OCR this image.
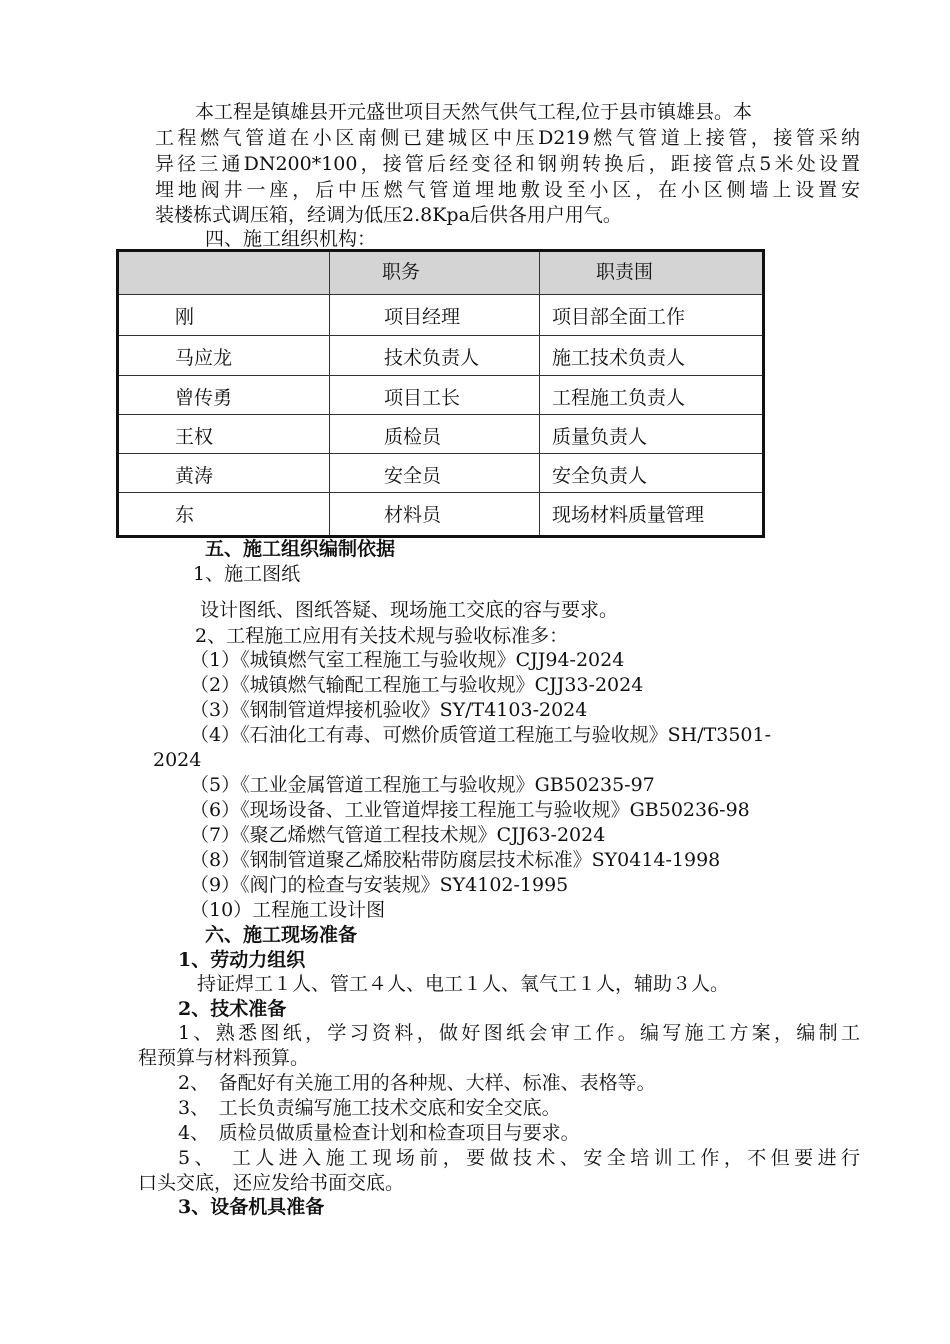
本工程是镇雄县开元盛世项目天然气供气工程,位于县市镇雄县。本
工程燃气管道在小区南侧已建城区中压D219燃气管道上接管，接管采纳
异径三通DN200*100，接管后经变径和钢朔转换后，距接管点5米处设置
埋地阀井一座，后中压燃气管道埋地敷设至小区，在小区侧墙上设置安
装楼栋式调压箱，经调为低压2.8Kpa后供各用户用气。
四、施工组织机构：

	职务	职责围

刚	项目经理	项目部全面工作

马应龙	技术负责人	施工技术负责人

曾传勇	项目工长	工程施工负责人

王权	质检员	质量负责人

黄涛	安全员	安全负责人

东	材料员	现场材料质量管理
五、施工组织编制依据
1、施工图纸
设计图纸、图纸答疑、现场施工交底的容与要求。
2、工程施工应用有关技术规与验收标准多：
（1）《城镇燃气室工程施工与验收规》CJJ94-2024
（2）《城镇燃气输配工程施工与验收规》CJJ33-2024
（3）《钢制管道焊接机验收》SY/T4103-2024
（4）《石油化工有毒、可燃价质管道工程施工与验收规》SH/T3501-
2024
（5）《工业金属管道工程施工与验收规》GB50235-97
（6）《现场设备、工业管道焊接工程施工与验收规》GB50236-98
（7）《聚乙烯燃气管道工程技术规》CJJ63-2024
（8）《钢制管道聚乙烯胶粘带防腐层技术标准》SY0414-1998
（9）《阀门的检查与安装规》SY4102-1995
（10）工程施工设计图
六、施工现场准备
1、劳动力组织
持证焊工１人、管工４人、电工１人、氧气工１人，辅助３人。
2、技术准备
1、熟悉图纸，学习资料，做好图纸会审工作。编写施工方案，编制工
程预算与材料预算。
2、　备配好有关施工用的各种规、大样、标准、表格等。
3、　工长负责编写施工技术交底和安全交底。
4、　质检员做质量检查计划和检查项目与要求。
5、　工人进入施工现场前，要做技术、安全培训工作，不但要进行
口头交底，还应发给书面交底。
3、设备机具准备
